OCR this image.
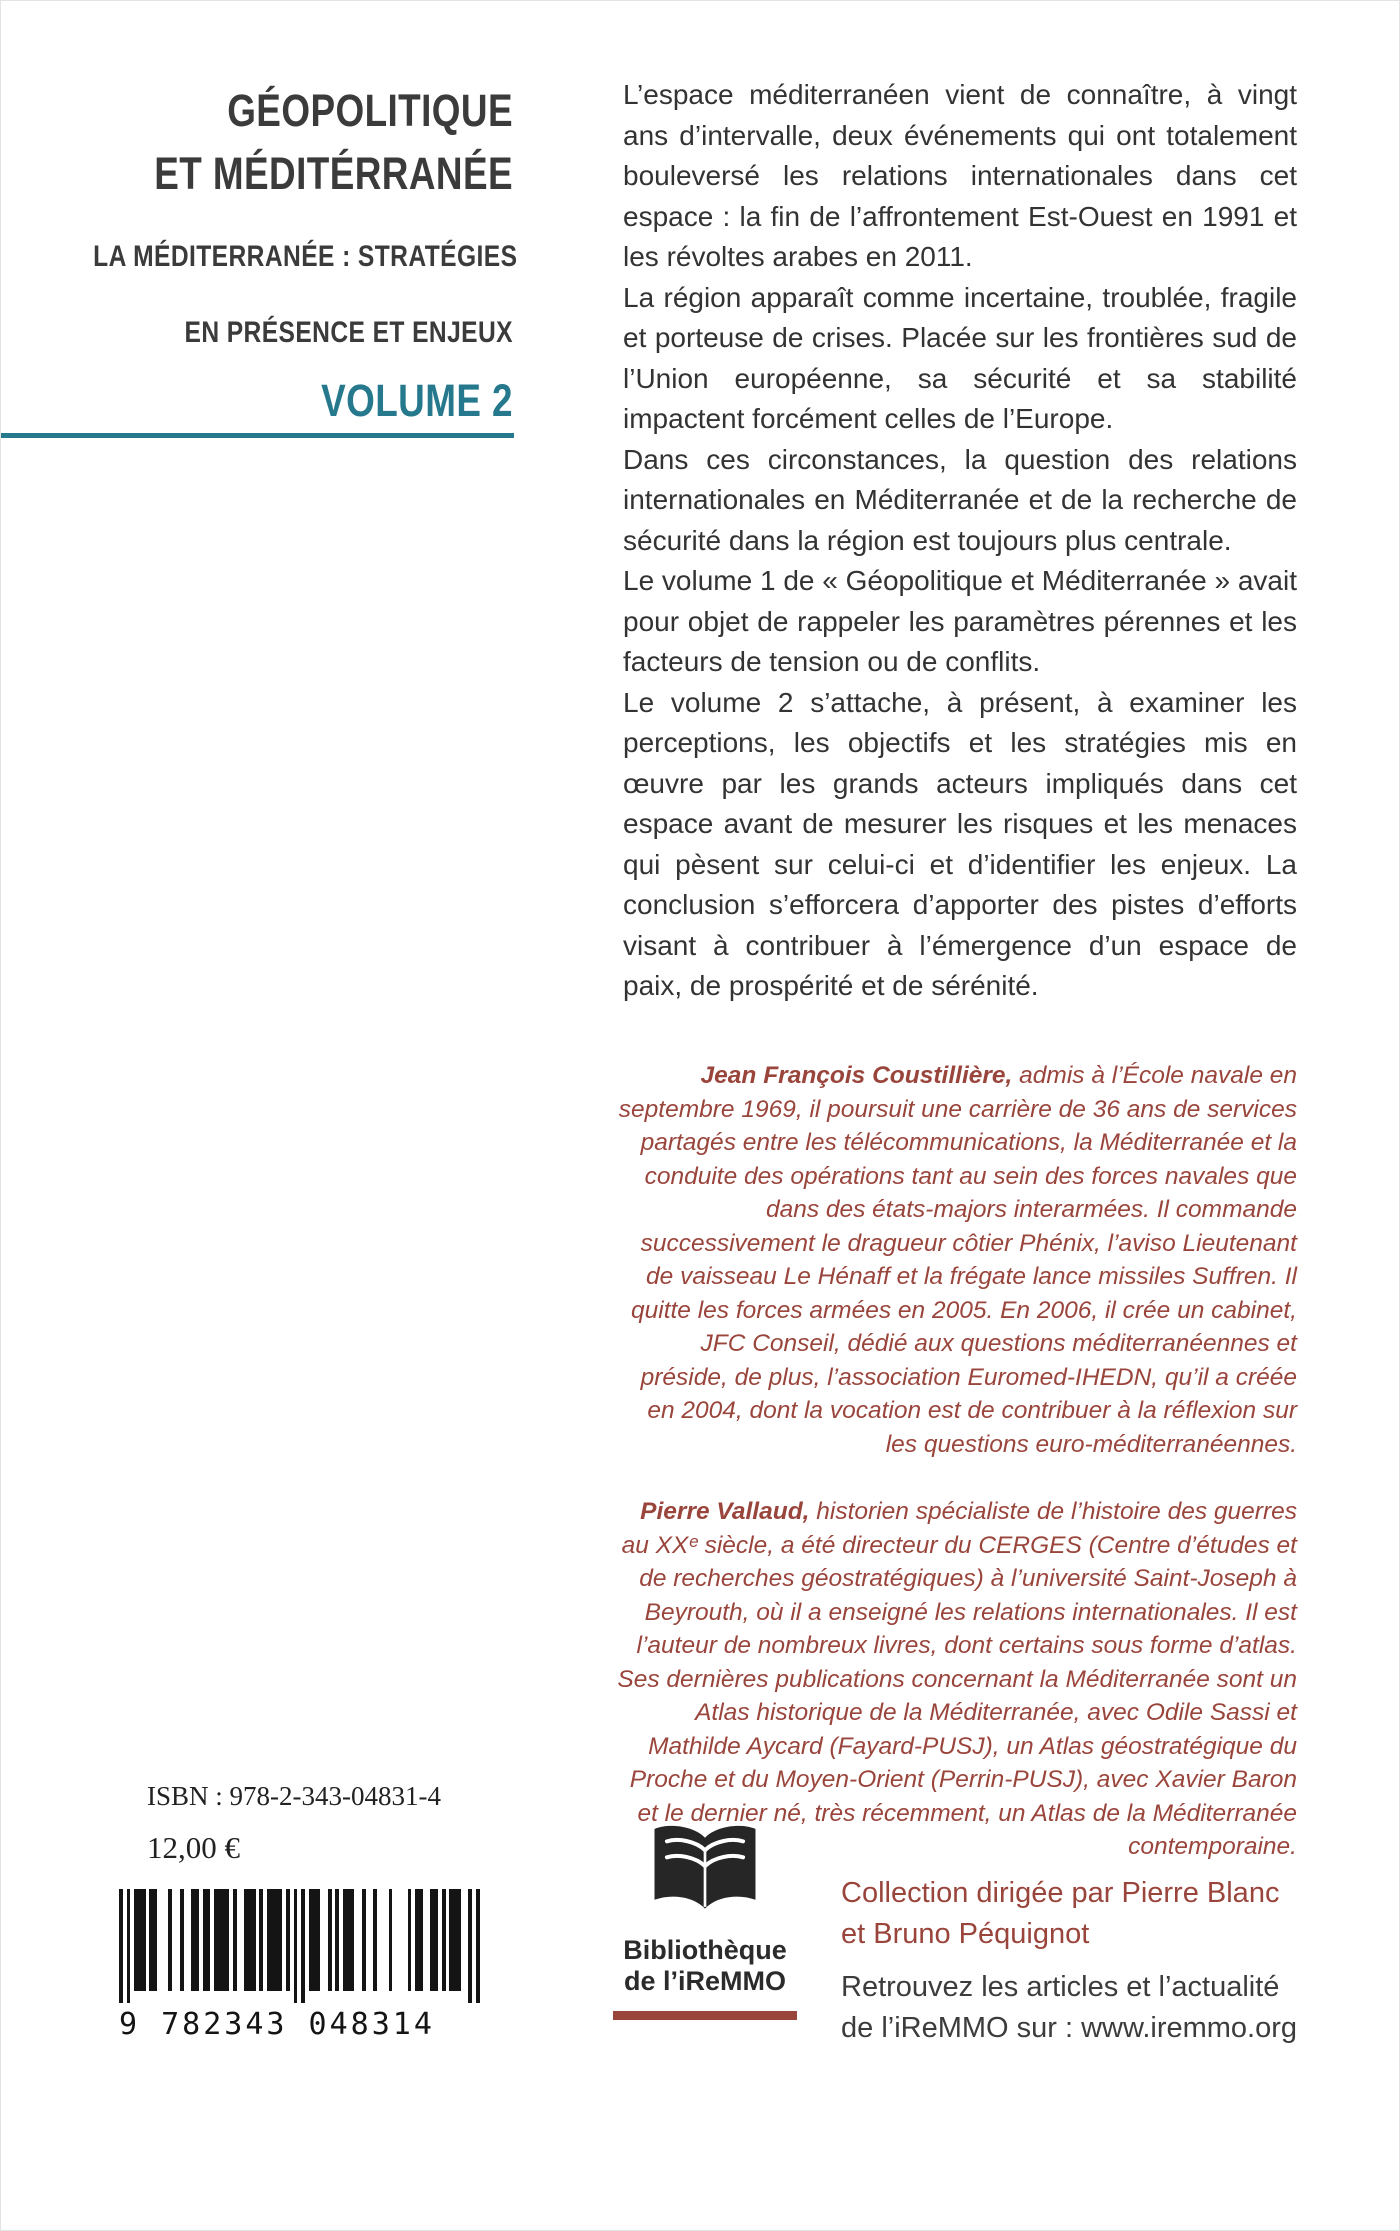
GÉOPOLITIQUE
ET MÉDITÉRRANÉE
LA MÉDITERRANÉE : STRATÉGIES
EN PRÉSENCE ET ENJEUX
VOLUME 2

L’espace méditerranéen vient de connaître, à vingt ans d’intervalle, deux événements qui ont totalement bouleversé les relations internationales dans cet espace : la fin de l’affrontement Est-Ouest en 1991 et les révoltes arabes en 2011.

La région apparaît comme incertaine, troublée, fragile et porteuse de crises. Placée sur les frontières sud de l’Union européenne, sa sécurité et sa stabilité impactent forcément celles de l’Europe.

Dans ces circonstances, la question des relations internationales en Méditerranée et de la recherche de sécurité dans la région est toujours plus centrale.

Le volume 1 de « Géopolitique et Méditerranée » avait pour objet de rappeler les paramètres pérennes et les facteurs de tension ou de conflits.

Le volume 2 s’attache, à présent, à examiner les perceptions, les objectifs et les stratégies mis en œuvre par les grands acteurs impliqués dans cet espace avant de mesurer les risques et les menaces qui pèsent sur celui-ci et d’identifier les enjeux. La conclusion s’efforcera d’apporter des pistes d’efforts visant à contribuer à l’émergence d’un espace de paix, de prospérité et de sérénité.

Jean François Coustillière, admis à l’École navale en septembre 1969, il poursuit une carrière de 36 ans de services partagés entre les télécommunications, la Méditerranée et la conduite des opérations tant au sein des forces navales que dans des états-majors interarmées. Il commande successivement le dragueur côtier Phénix, l’aviso Lieutenant de vaisseau Le Hénaff et la frégate lance missiles Suffren. Il quitte les forces armées en 2005. En 2006, il crée un cabinet, JFC Conseil, dédié aux questions méditerranéennes et préside, de plus, l’association Euromed-IHEDN, qu’il a créée en 2004, dont la vocation est de contribuer à la réflexion sur les questions euro-méditerranéennes.

Pierre Vallaud, historien spécialiste de l’histoire des guerres au XXᵉ siècle, a été directeur du CERGES (Centre d’études et de recherches géostratégiques) à l’université Saint-Joseph à Beyrouth, où il a enseigné les relations internationales. Il est l’auteur de nombreux livres, dont certains sous forme d’atlas. Ses dernières publications concernant la Méditerranée sont un Atlas historique de la Méditerranée, avec Odile Sassi et Mathilde Aycard (Fayard-PUSJ), un Atlas géostratégique du Proche et du Moyen-Orient (Perrin-PUSJ), avec Xavier Baron et le dernier né, très récemment, un Atlas de la Méditerranée contemporaine.

ISBN : 978-2-343-04831-4
12,00 €
9 782343 048314
Bibliothèque
de l’iReMMO
Collection dirigée par Pierre Blanc
et Bruno Péquignot
Retrouvez les articles et l’actualité
de l’iReMMO sur : www.iremmo.org
